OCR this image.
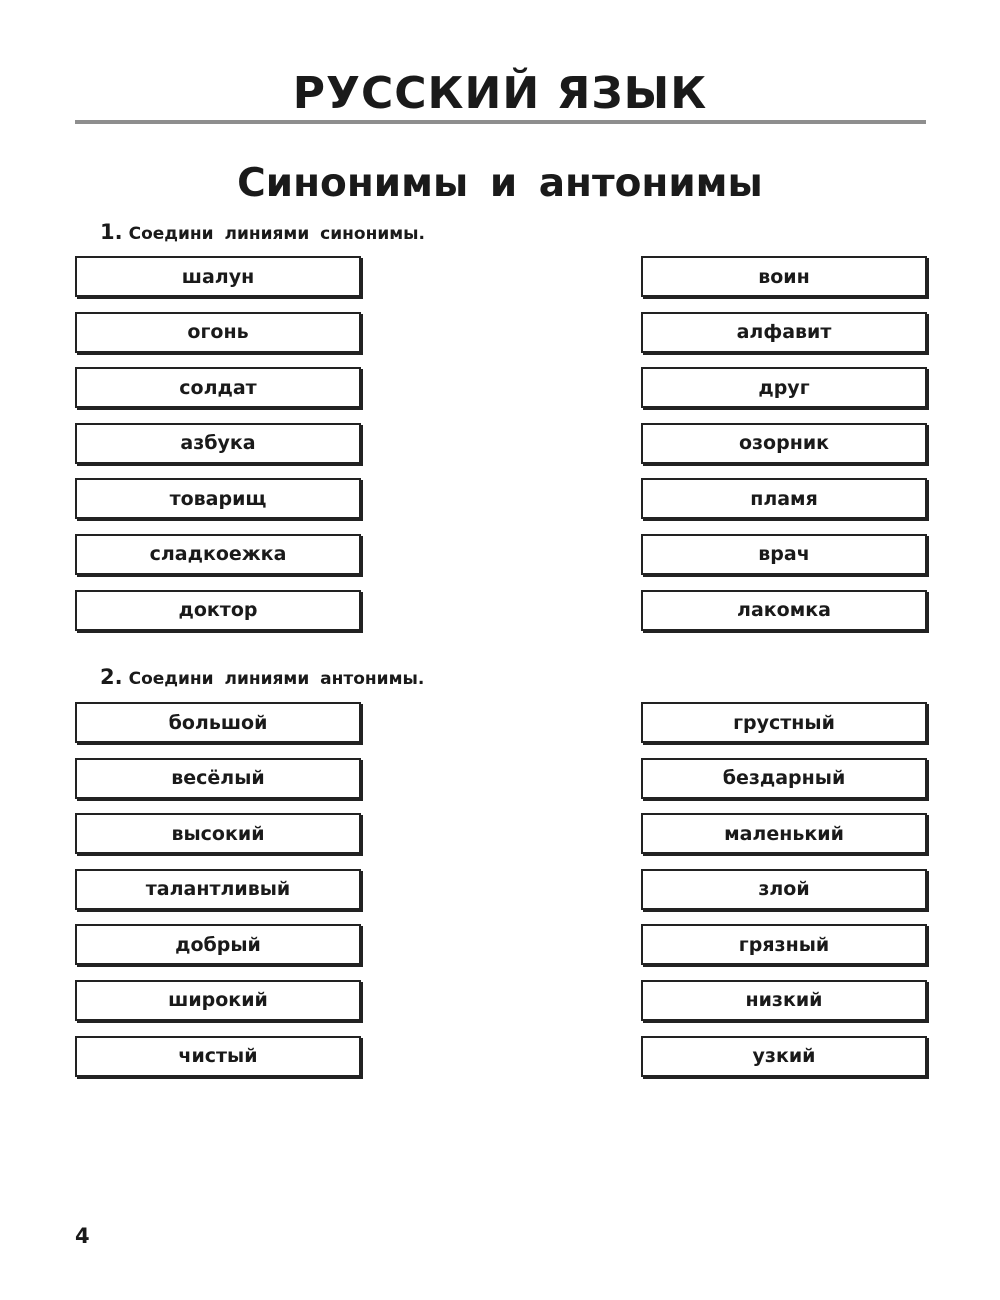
РУССКИЙ ЯЗЫК
Синонимы и антонимы
1. Соедини линиями синонимы.
шалун
огонь
солдат
азбука
товарищ
сладкоежка
доктор
воин
алфавит
друг
озорник
пламя
врач
лакомка
2. Соедини линиями антонимы.
большой
весёлый
высокий
талантливый
добрый
широкий
чистый
грустный
бездарный
маленький
злой
грязный
низкий
узкий
4
